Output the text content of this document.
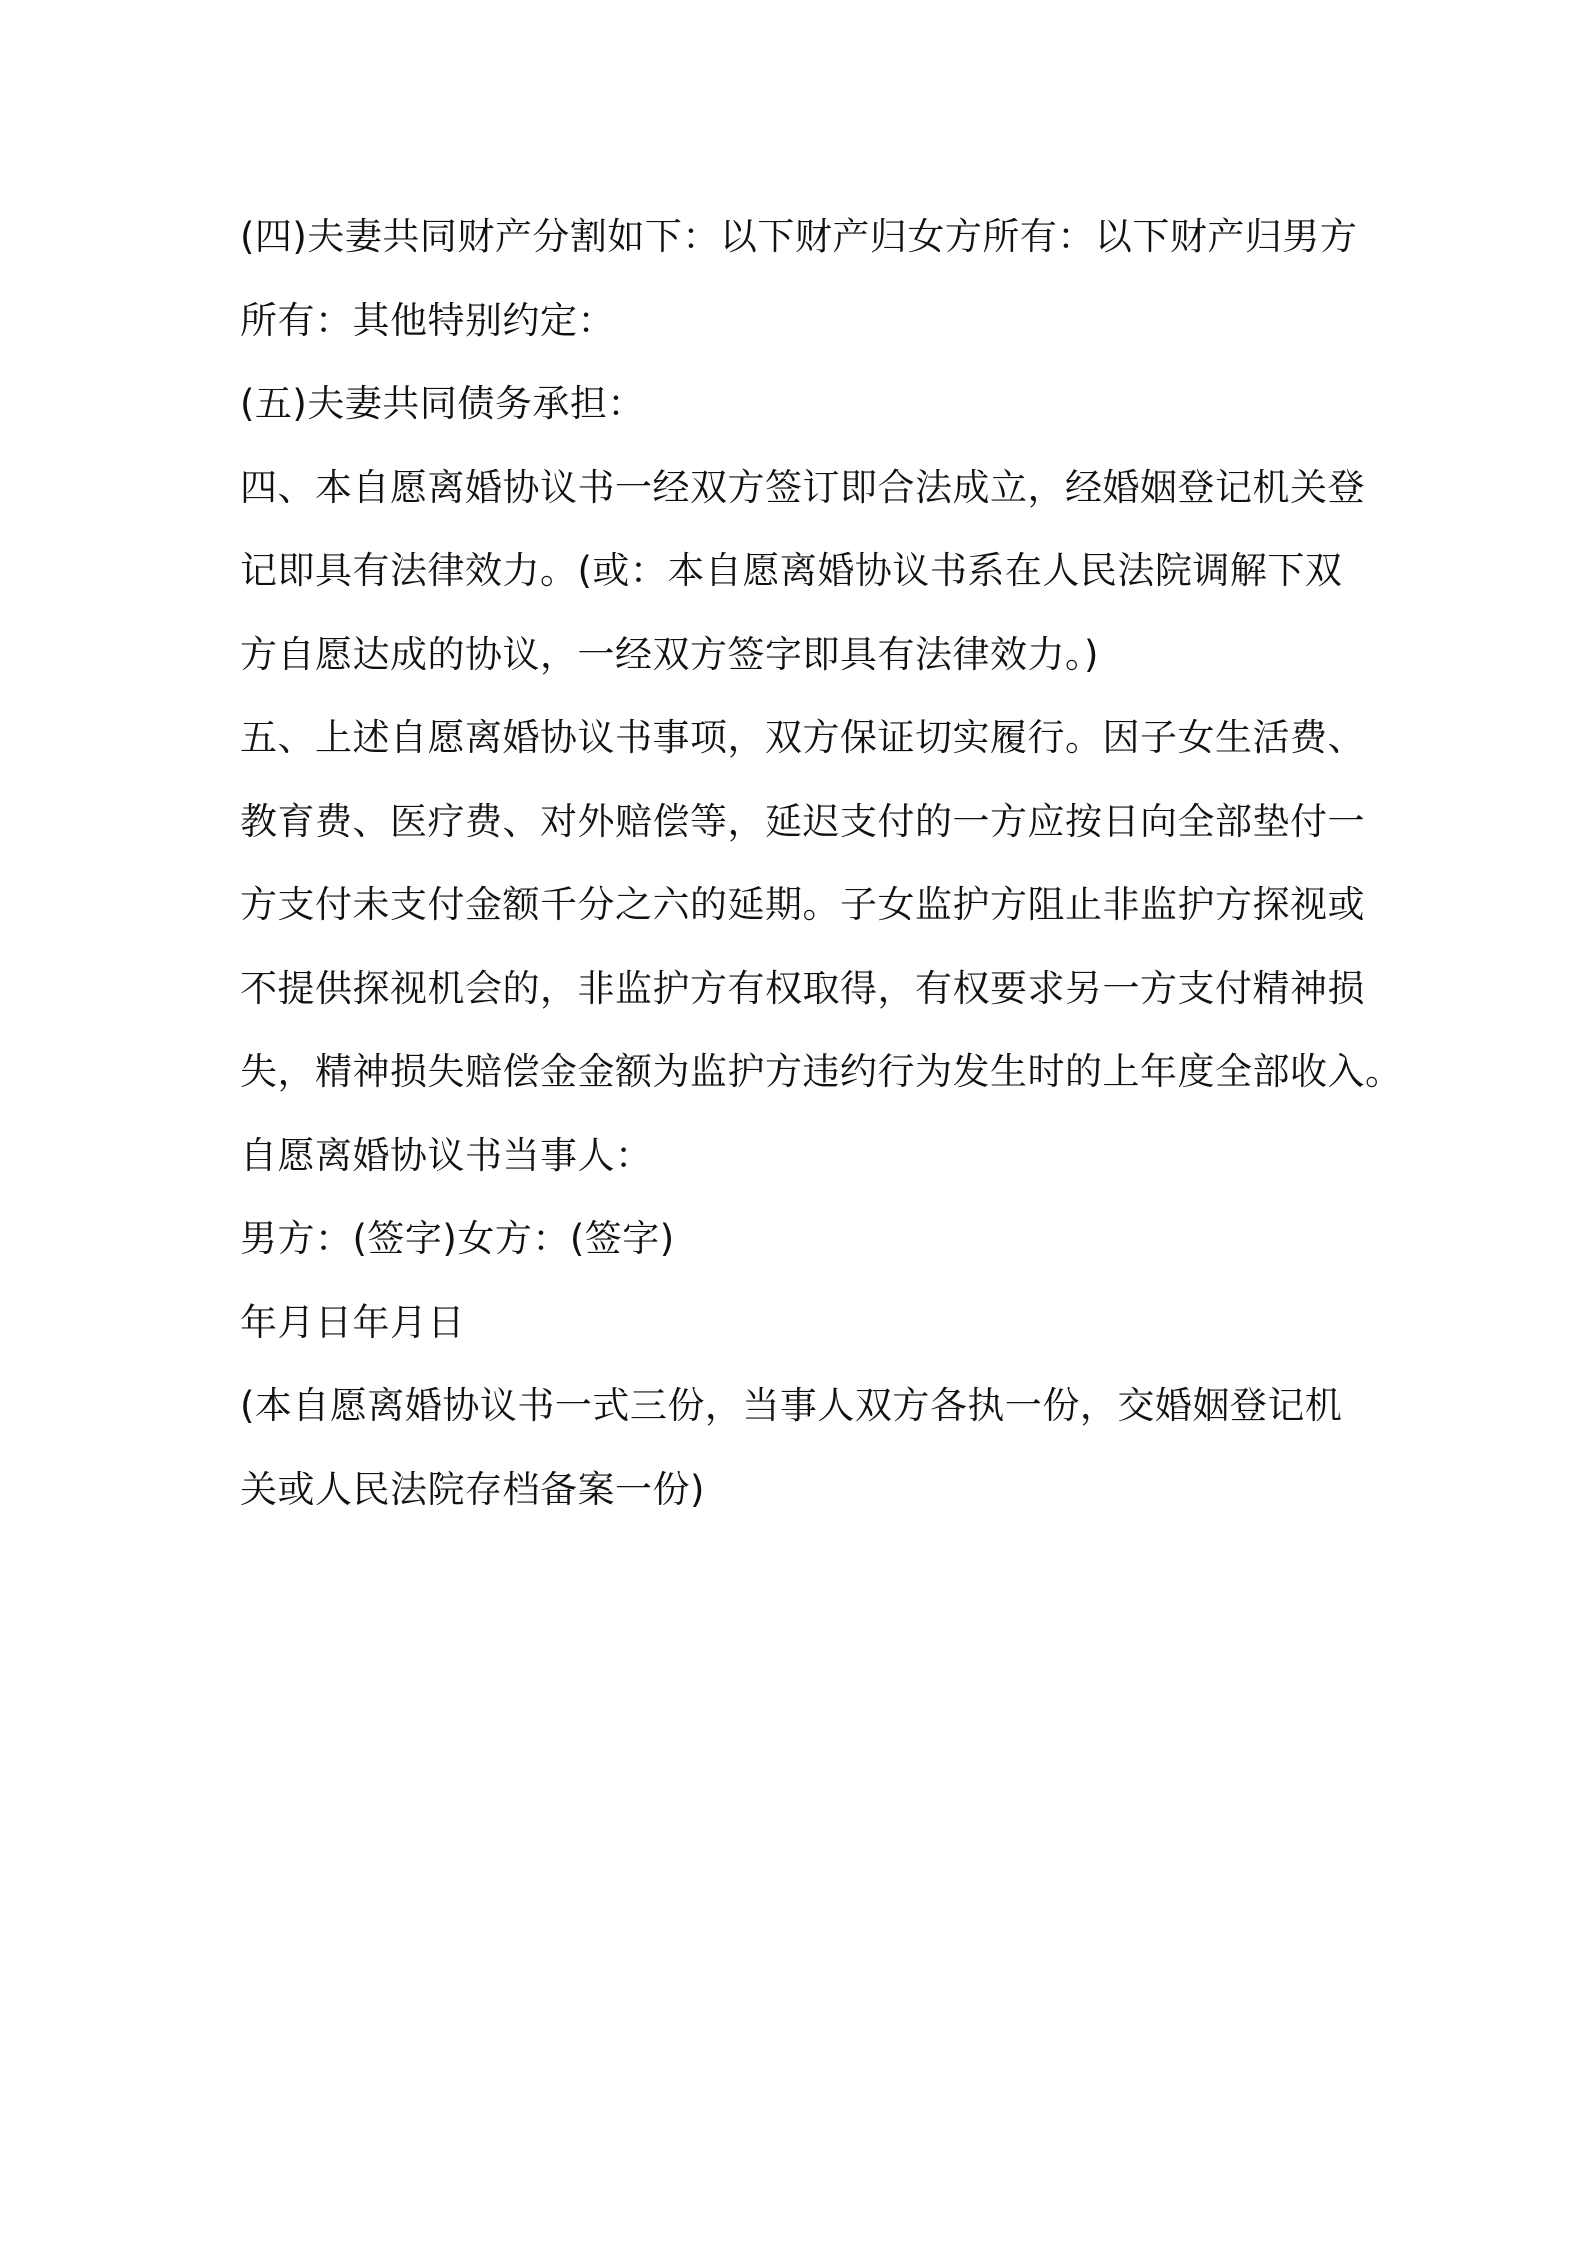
(四)夫妻共同财产分割如下：以下财产归女方所有：以下财产归男方
所有：其他特别约定：
(五)夫妻共同债务承担：
四、本自愿离婚协议书一经双方签订即合法成立，经婚姻登记机关登
记即具有法律效力。(或：本自愿离婚协议书系在人民法院调解下双
方自愿达成的协议，一经双方签字即具有法律效力。)
五、上述自愿离婚协议书事项，双方保证切实履行。因子女生活费、
教育费、医疗费、对外赔偿等，延迟支付的一方应按日向全部垫付一
方支付未支付金额千分之六的延期。子女监护方阻止非监护方探视或
不提供探视机会的，非监护方有权取得，有权要求另一方支付精神损
失，精神损失赔偿金金额为监护方违约行为发生时的上年度全部收入。
自愿离婚协议书当事人：
男方：(签字)女方：(签字)
年月日年月日
(本自愿离婚协议书一式三份，当事人双方各执一份，交婚姻登记机
关或人民法院存档备案一份)
